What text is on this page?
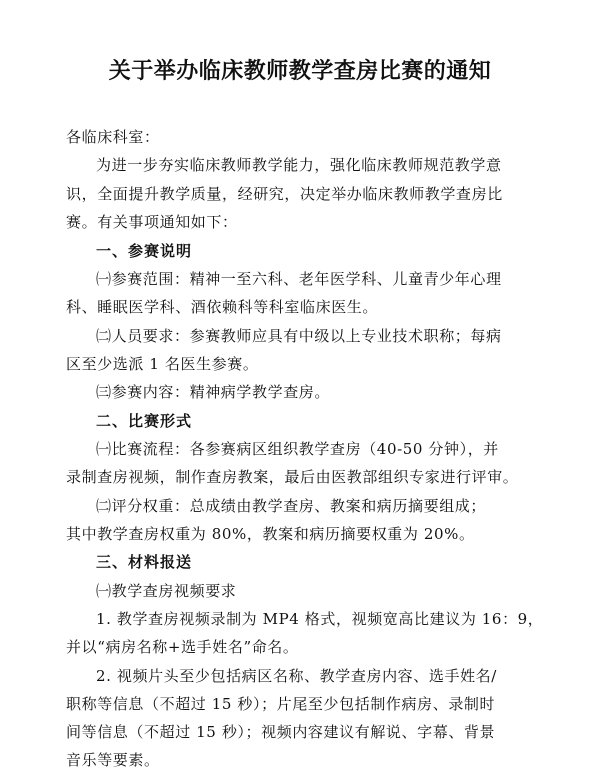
关于举办临床教师教学查房比赛的通知

各临床科室：

为进一步夯实临床教师教学能力，强化临床教师规范教学意

识，全面提升教学质量，经研究，决定举办临床教师教学查房比

赛。有关事项通知如下：

一、参赛说明

㈠参赛范围：精神一至六科、老年医学科、儿童青少年心理

科、睡眠医学科、酒依赖科等科室临床医生。

㈡人员要求：参赛教师应具有中级以上专业技术职称；每病

区至少选派 1 名医生参赛。

㈢参赛内容：精神病学教学查房。

二、比赛形式

㈠比赛流程：各参赛病区组织教学查房（40-50 分钟），并

录制查房视频，制作查房教案，最后由医教部组织专家进行评审。

㈡评分权重：总成绩由教学查房、教案和病历摘要组成；

其中教学查房权重为 80%，教案和病历摘要权重为 20%。

三、材料报送

㈠教学查房视频要求

1. 教学查房视频录制为 MP4 格式，视频宽高比建议为 16：9，

并以“病房名称+选手姓名”命名。

2. 视频片头至少包括病区名称、教学查房内容、选手姓名/

职称等信息（不超过 15 秒）；片尾至少包括制作病房、录制时

间等信息（不超过 15 秒）；视频内容建议有解说、字幕、背景

音乐等要素。
